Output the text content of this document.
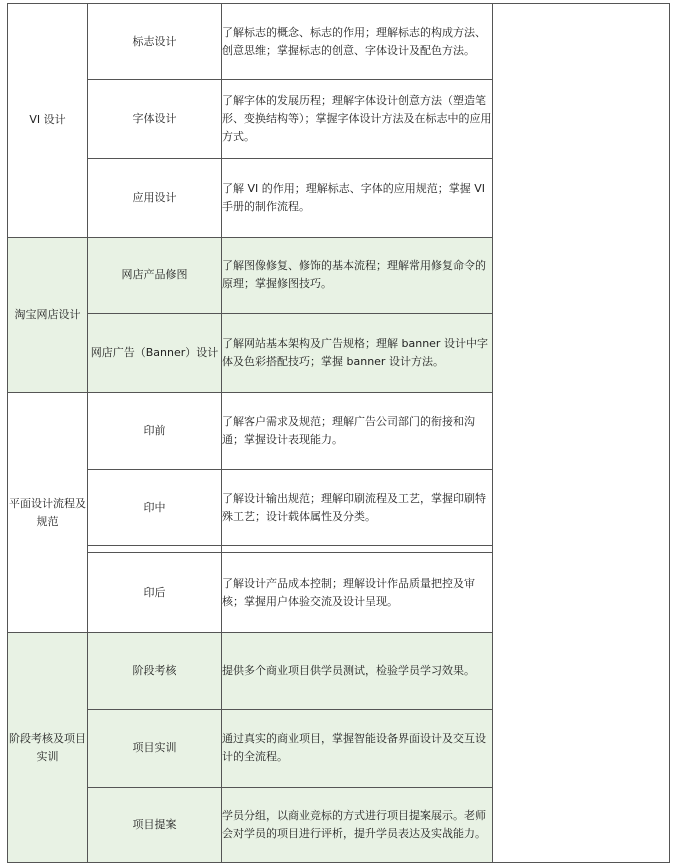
VI 设计	标志设计	了解标志的概念、标志的作用；理解标志的构成方法、创意思维；掌握标志的创意、字体设计及配色方法。	
	字体设计	了解字体的发展历程；理解字体设计创意方法（塑造笔形、变换结构等）；掌握字体设计方法及在标志中的应用方式。	
	应用设计	了解 VI 的作用；理解标志、字体的应用规范；掌握 VI 手册的制作流程。	
淘宝网店设计	网店产品修图	了解图像修复、修饰的基本流程；理解常用修复命令的原理；掌握修图技巧。	
	网店广告（Banner）设计	了解网站基本架构及广告规格；理解 banner 设计中字体及色彩搭配技巧；掌握 banner 设计方法。	
平面设计流程及规范	印前	了解客户需求及规范；理解广告公司部门的衔接和沟通；掌握设计表现能力。	
	印中	了解设计输出规范；理解印刷流程及工艺，掌握印刷特殊工艺；设计载体属性及分类。	

	印后	了解设计产品成本控制；理解设计作品质量把控及审核；掌握用户体验交流及设计呈现。	
阶段考核及项目实训	阶段考核	提供多个商业项目供学员测试，检验学员学习效果。	
	项目实训	通过真实的商业项目，掌握智能设备界面设计及交互设计的全流程。	
	项目提案	学员分组，以商业竞标的方式进行项目提案展示。老师会对学员的项目进行评析，提升学员表达及实战能力。	
